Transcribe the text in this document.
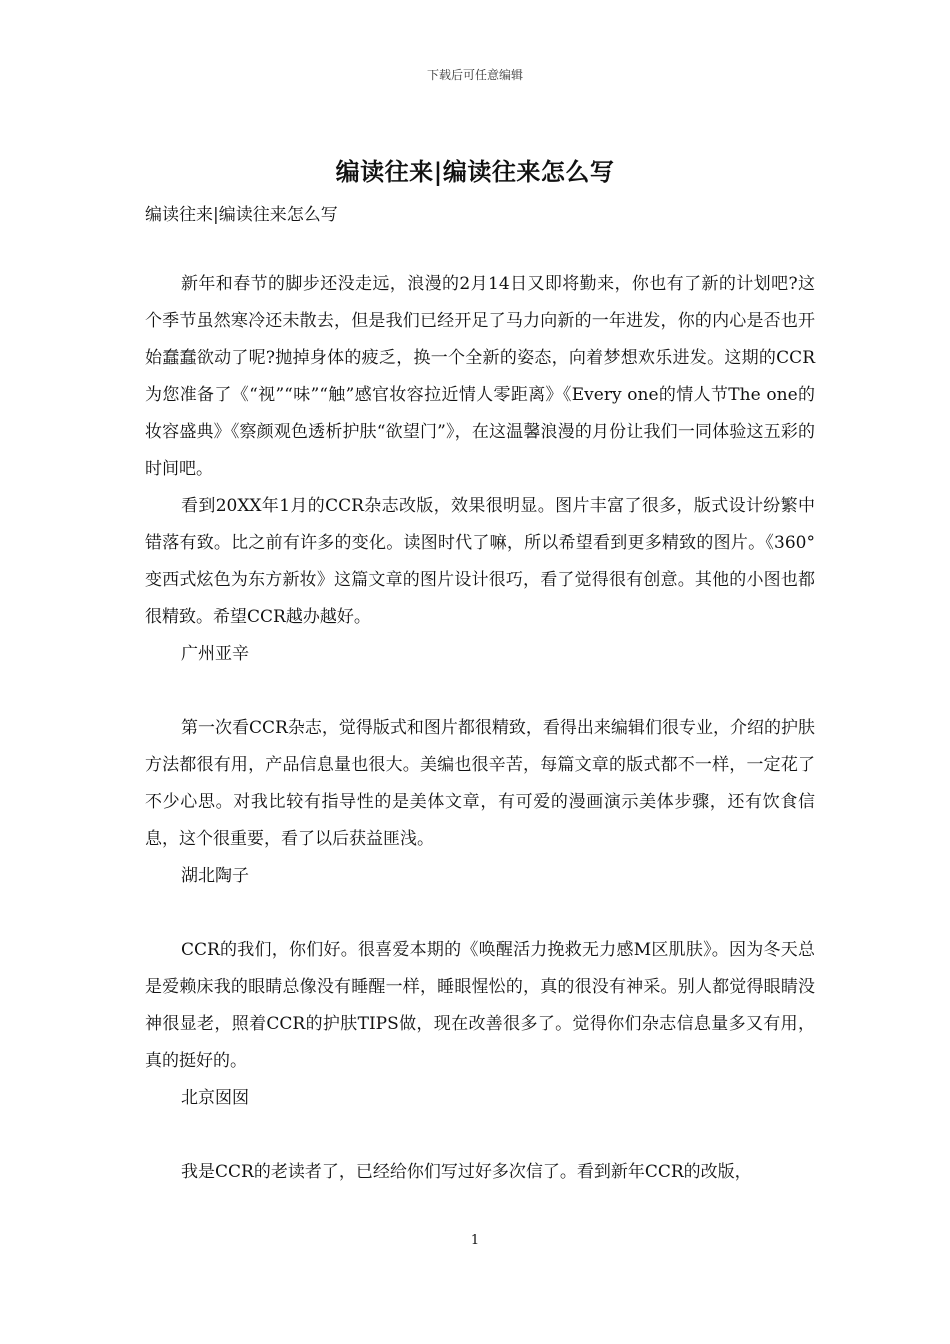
下载后可任意编辑
编读往来|编读往来怎么写
编读往来|编读往来怎么写

新年和春节的脚步还没走远，浪漫的2月14日又即将勤来，你也有了新的计划吧?这个季节虽然寒冷还未散去，但是我们已经开足了马力向新的一年进发，你的内心是否也开始蠢蠢欲动了呢?抛掉身体的疲乏，换一个全新的姿态，向着梦想欢乐进发。这期的CCR为您准备了《“视”“味”“触”感官妆容拉近情人零距离》《Every one的情人节The one的妆容盛典》《察颜观色透析护肤“欲望门”》，在这温馨浪漫的月份让我们一同体验这五彩的时间吧。

看到20XX年1月的CCR杂志改版，效果很明显。图片丰富了很多，版式设计纷繁中错落有致。比之前有许多的变化。读图时代了嘛，所以希望看到更多精致的图片。《360°变西式炫色为东方新妆》这篇文章的图片设计很巧，看了觉得很有创意。其他的小图也都很精致。希望CCR越办越好。

广州亚辛

第一次看CCR杂志，觉得版式和图片都很精致，看得出来编辑们很专业，介绍的护肤方法都很有用，产品信息量也很大。美编也很辛苦，每篇文章的版式都不一样，一定花了不少心思。对我比较有指导性的是美体文章，有可爱的漫画演示美体步骤，还有饮食信息，这个很重要，看了以后获益匪浅。

湖北陶子

CCR的我们，你们好。很喜爱本期的《唤醒活力挽救无力感M区肌肤》。因为冬天总是爱赖床我的眼睛总像没有睡醒一样，睡眼惺忪的，真的很没有神采。别人都觉得眼睛没神很显老，照着CCR的护肤TIPS做，现在改善很多了。觉得你们杂志信息量多又有用，真的挺好的。

北京囡囡

我是CCR的老读者了，已经给你们写过好多次信了。看到新年CCR的改版，

1
